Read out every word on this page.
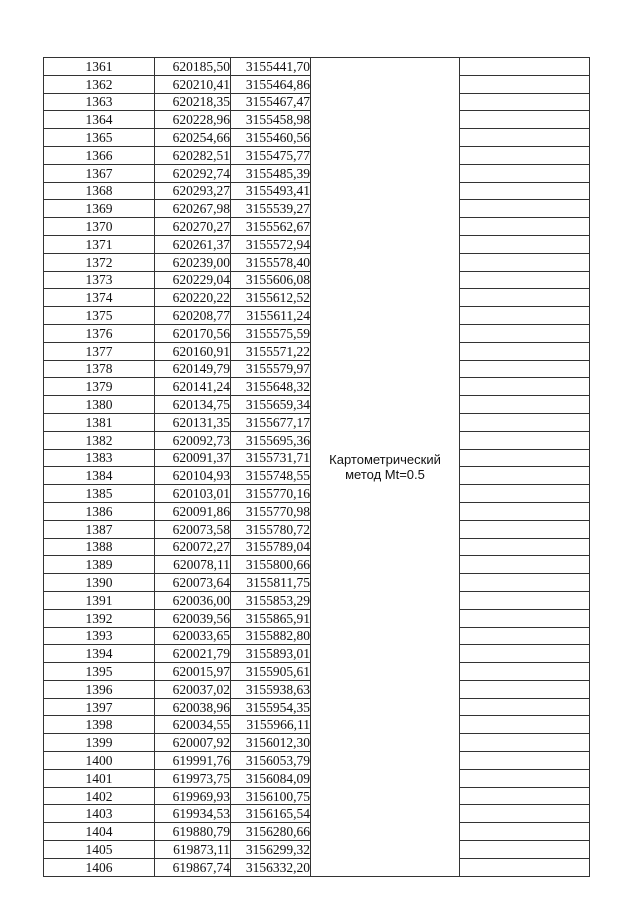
1361	620185,50	3155441,70	Картометрический
метод Mt=0.5	

1362	620210,41	3155464,86		
1363	620218,35	3155467,47		
1364	620228,96	3155458,98		
1365	620254,66	3155460,56		
1366	620282,51	3155475,77		
1367	620292,74	3155485,39		
1368	620293,27	3155493,41		
1369	620267,98	3155539,27		
1370	620270,27	3155562,67		
1371	620261,37	3155572,94		
1372	620239,00	3155578,40		
1373	620229,04	3155606,08		
1374	620220,22	3155612,52		
1375	620208,77	3155611,24		
1376	620170,56	3155575,59		
1377	620160,91	3155571,22		
1378	620149,79	3155579,97		
1379	620141,24	3155648,32		
1380	620134,75	3155659,34		
1381	620131,35	3155677,17		
1382	620092,73	3155695,36		
1383	620091,37	3155731,71		
1384	620104,93	3155748,55		
1385	620103,01	3155770,16		
1386	620091,86	3155770,98		
1387	620073,58	3155780,72		
1388	620072,27	3155789,04		
1389	620078,11	3155800,66		
1390	620073,64	3155811,75		
1391	620036,00	3155853,29		
1392	620039,56	3155865,91		
1393	620033,65	3155882,80		
1394	620021,79	3155893,01		
1395	620015,97	3155905,61		
1396	620037,02	3155938,63		
1397	620038,96	3155954,35		
1398	620034,55	3155966,11		
1399	620007,92	3156012,30		
1400	619991,76	3156053,79		
1401	619973,75	3156084,09		
1402	619969,93	3156100,75		
1403	619934,53	3156165,54		
1404	619880,79	3156280,66		
1405	619873,11	3156299,32		
1406	619867,74	3156332,20		
